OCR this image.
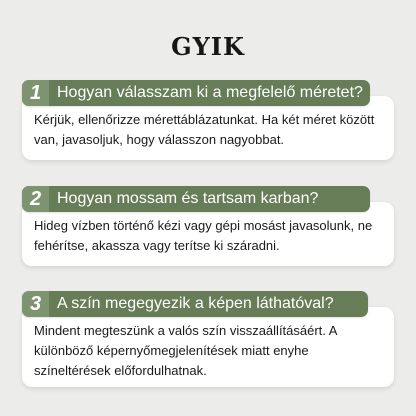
GYIK

Kérjük, ellenőrizze mérettáblázatunkat. Ha két méret között van, javasoljuk, hogy válasszon nagyobbat.

1 Hogyan válasszam ki a megfelelő méretet?

Hideg vízben történő kézi vagy gépi mosást javasolunk, ne fehérítse, akassza vagy terítse ki száradni.

2 Hogyan mossam és tartsam karban?

Mindent megteszünk a valós szín visszaállításáért. A különböző képernyőmegjelenítések miatt enyhe színeltérések előfordulhatnak.

3 A szín megegyezik a képen láthatóval?
